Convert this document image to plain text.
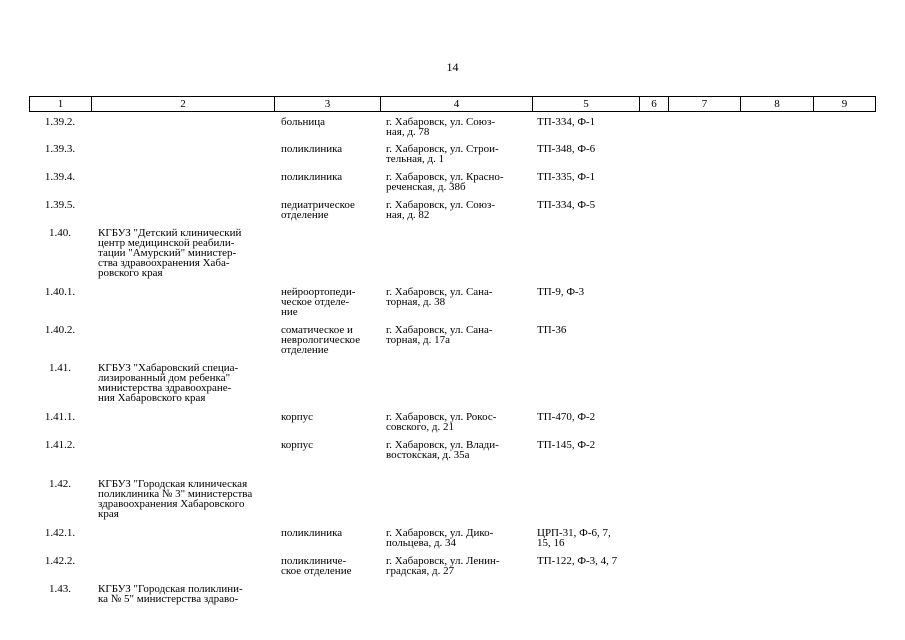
14
1	2	3	4	5	6	7	8	9
1.39.2.		больница	г. Хабаровск, ул. Союз-
ная, д. 78	ТП-334, Ф-1				
1.39.3.		поликлиника	г. Хабаровск, ул. Строи-
тельная, д. 1	ТП-348, Ф-6				
1.39.4.		поликлиника	г. Хабаровск, ул. Красно-
реченская, д. 38б	ТП-335, Ф-1				
1.39.5.		педиатрическое
отделение	г. Хабаровск, ул. Союз-
ная, д. 82	ТП-334, Ф-5				
1.40.	КГБУЗ "Детский клинический
центр медицинской реабили-
тации "Амурский" министер-
ства здравоохранения Хаба-
ровского края							
1.40.1.		нейроортопеди-
ческое отделе-
ние	г. Хабаровск, ул. Сана-
торная, д. 38	ТП-9, Ф-3				
1.40.2.		соматическое и
неврологическое
отделение	г. Хабаровск, ул. Сана-
торная, д. 17а	ТП-36				
1.41.	КГБУЗ "Хабаровский специа-
лизированный дом ребенка"
министерства здравоохране-
ния Хабаровского края							
1.41.1.		корпус	г. Хабаровск, ул. Рокос-
совского, д. 21	ТП-470, Ф-2				
1.41.2.		корпус	г. Хабаровск, ул. Влади-
востокская, д. 35а	ТП-145, Ф-2				
1.42.	КГБУЗ "Городская клиническая
поликлиника № 3" министерства
здравоохранения Хабаровского
края							
1.42.1.		поликлиника	г. Хабаровск, ул. Дико-
польцева, д. 34	ЦРП-31, Ф-6, 7,
15, 16				
1.42.2.		поликлиниче-
ское отделение	г. Хабаровск, ул. Ленин-
градская, д. 27	ТП-122, Ф-3, 4, 7				
1.43.	КГБУЗ "Городская поликлини-
ка № 5" министерства здраво-							
